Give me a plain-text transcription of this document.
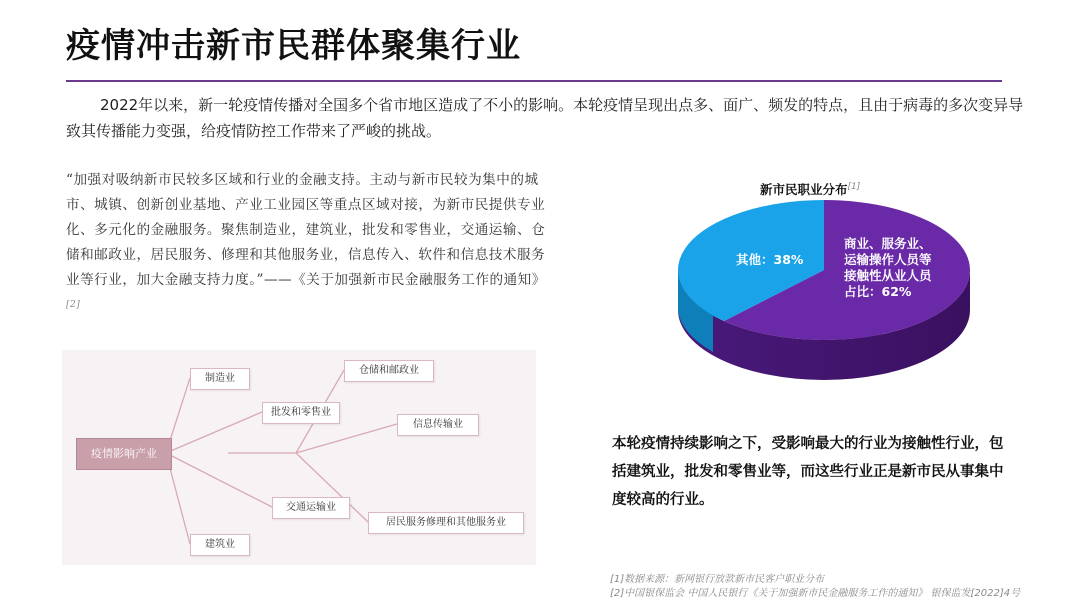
疫情冲击新市民群体聚集行业
2022年以来，新一轮疫情传播对全国多个省市地区造成了不小的影响。本轮疫情呈现出点多、面广、频发的特点，且由于病毒的多次变异导致其传播能力变强，给疫情防控工作带来了严峻的挑战。
“加强对吸纳新市民较多区域和行业的金融支持。主动与新市民较为集中的城市、城镇、创新创业基地、产业工业园区等重点区域对接，为新市民提供专业化、多元化的金融服务。聚焦制造业，建筑业，批发和零售业，交通运输、仓储和邮政业，居民服务、修理和其他服务业，信息传入、软件和信息技术服务业等行业，加大金融支持力度。”——《关于加强新市民金融服务工作的通知》 [2]
疫情影响产业
制造业
批发和零售业
交通运输业
建筑业
仓储和邮政业
信息传输业
居民服务修理和其他服务业
新市民职业分布[1]
其他：38%
商业、服务业、 运输操作人员等 接触性从业人员 占比：62%
本轮疫情持续影响之下，受影响最大的行业为接触性行业，包括建筑业，批发和零售业等，而这些行业正是新市民从事集中度较高的行业。
[1]数据来源：新网银行放款新市民客户职业分布
[2]中国银保监会 中国人民银行《关于加强新市民金融服务工作的通知》 银保监发[2022]4号
